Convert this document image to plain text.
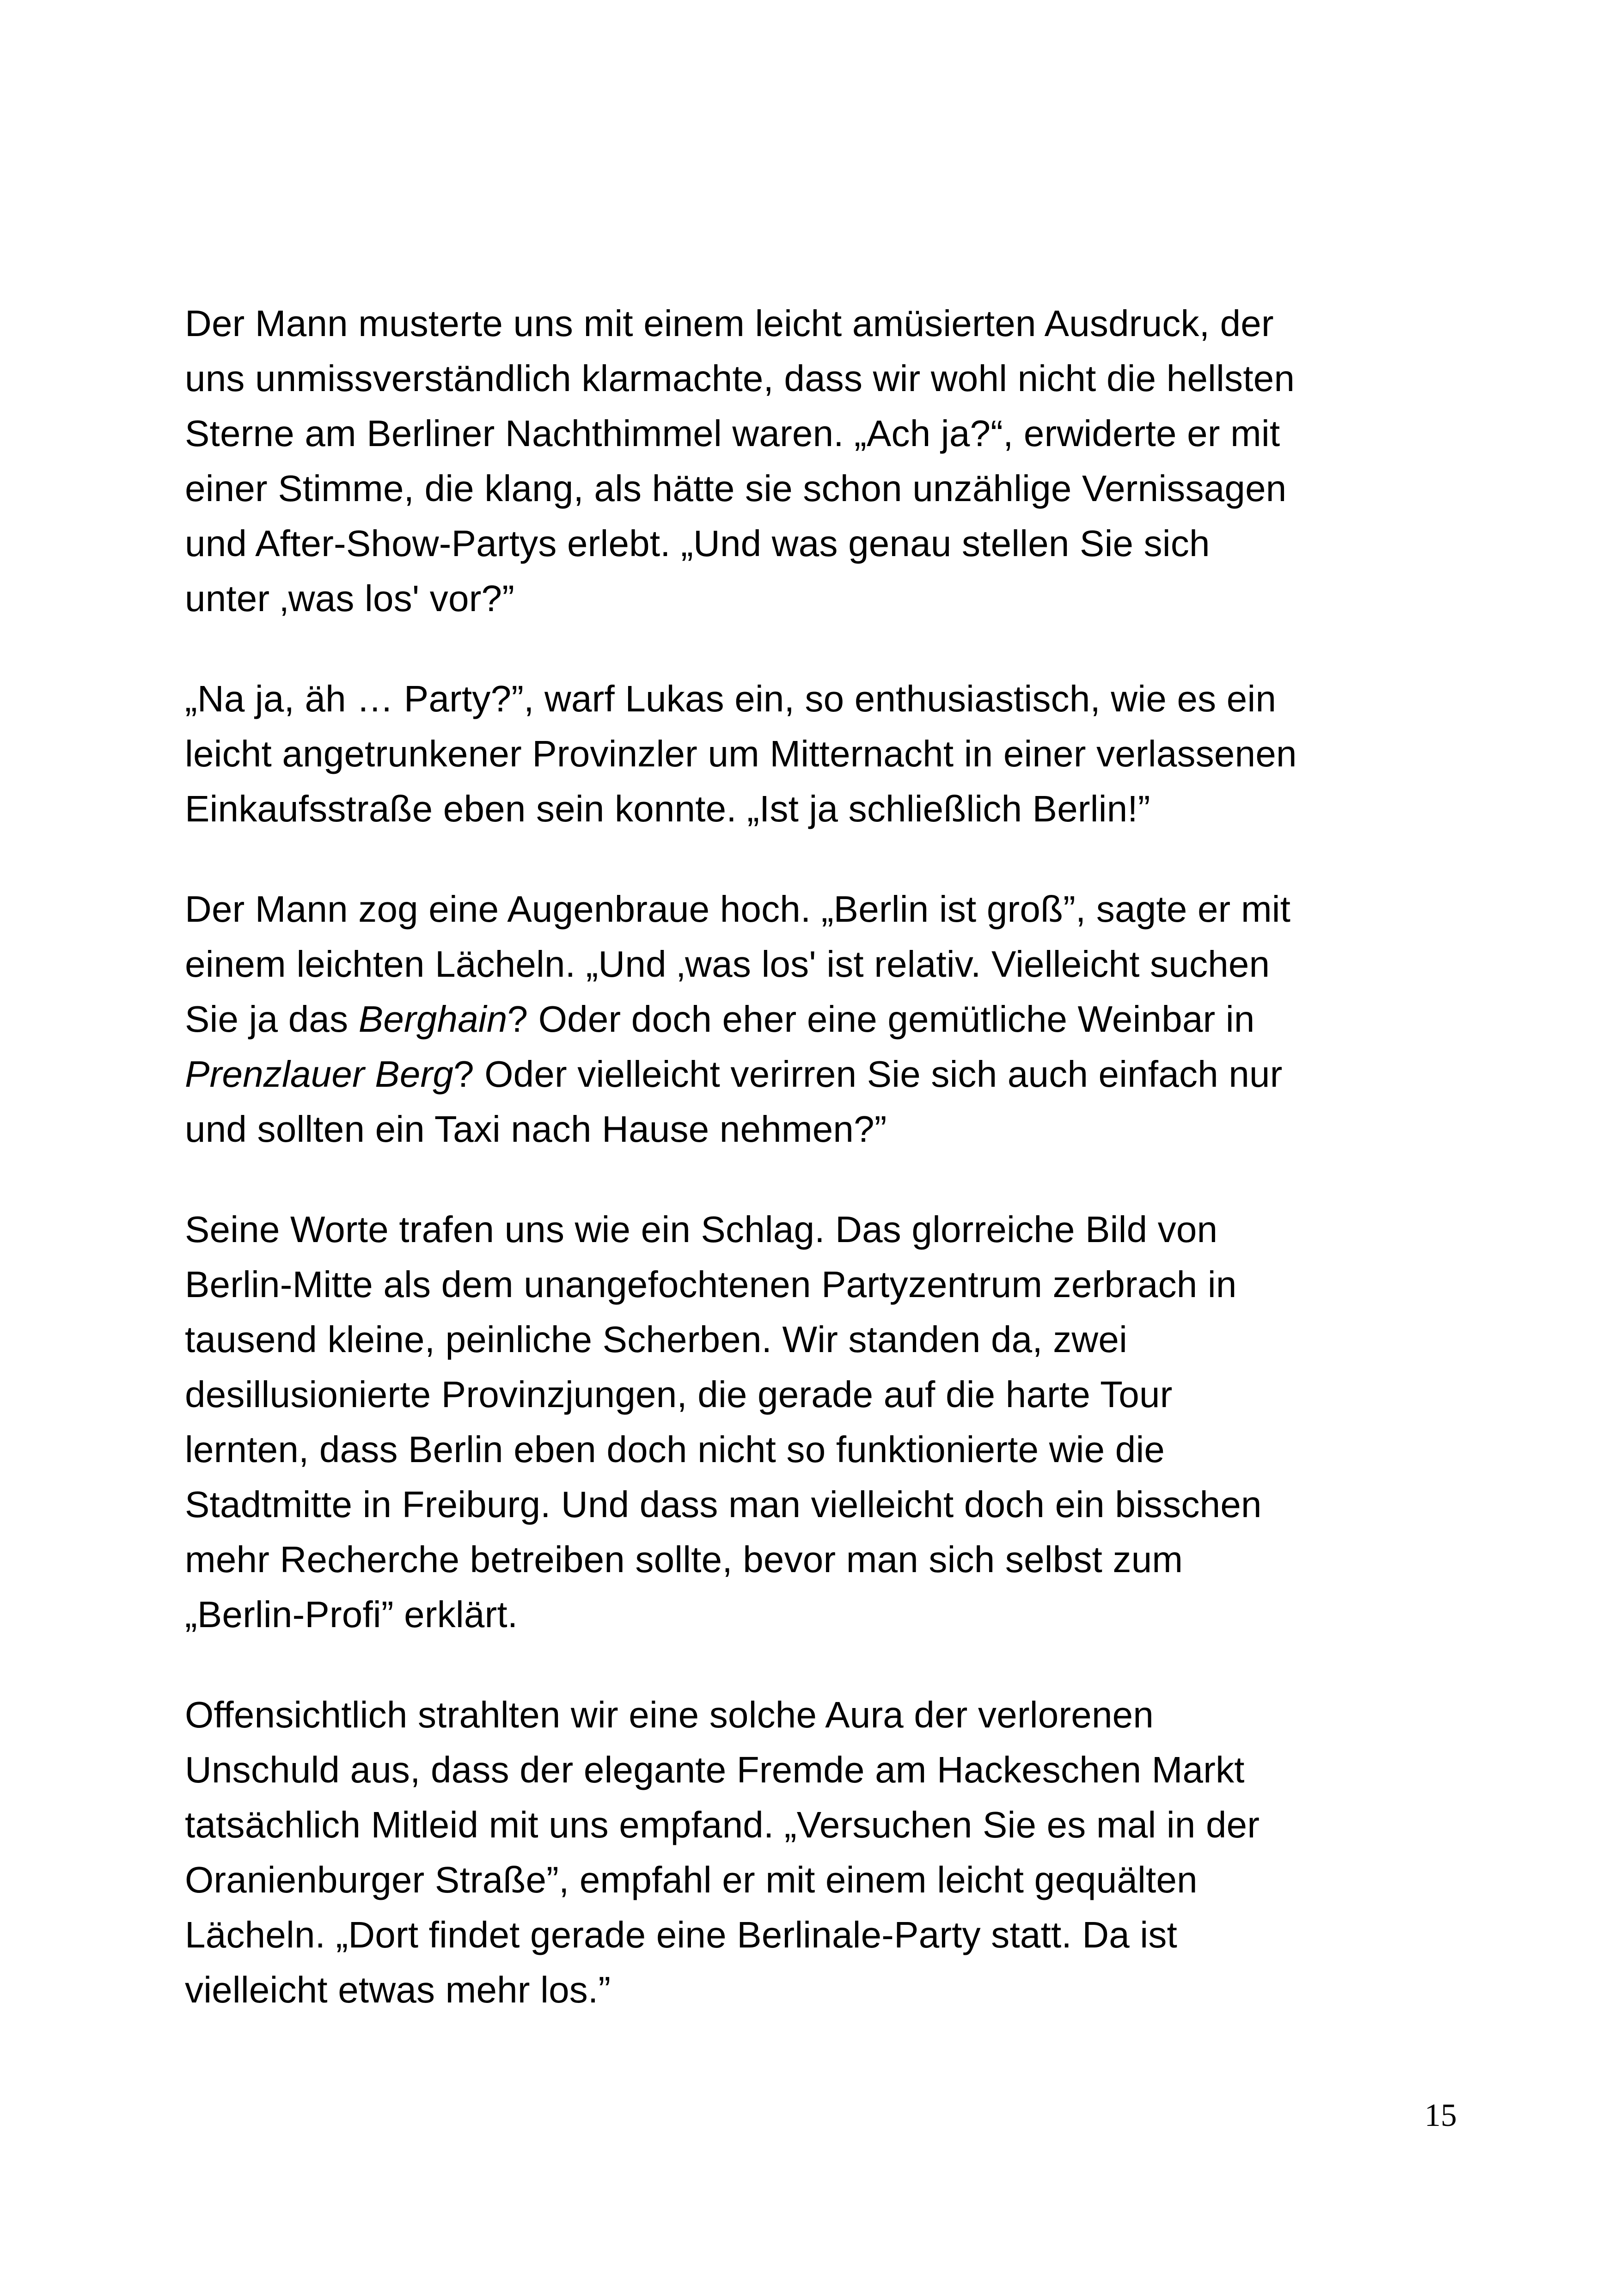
Der Mann musterte uns mit einem leicht amüsierten Ausdruck, der
uns unmissverständlich klarmachte, dass wir wohl nicht die hellsten
Sterne am Berliner Nachthimmel waren. „Ach ja?“, erwiderte er mit
einer Stimme, die klang, als hätte sie schon unzählige Vernissagen
und After-Show-Partys erlebt. „Und was genau stellen Sie sich
unter ‚was los' vor?”

„Na ja, äh … Party?”, warf Lukas ein, so enthusiastisch, wie es ein
leicht angetrunkener Provinzler um Mitternacht in einer verlassenen
Einkaufsstraße eben sein konnte. „Ist ja schließlich Berlin!”

Der Mann zog eine Augenbraue hoch. „Berlin ist groß”, sagte er mit
einem leichten Lächeln. „Und ‚was los' ist relativ. Vielleicht suchen
Sie ja das Berghain? Oder doch eher eine gemütliche Weinbar in
Prenzlauer Berg? Oder vielleicht verirren Sie sich auch einfach nur
und sollten ein Taxi nach Hause nehmen?”

Seine Worte trafen uns wie ein Schlag. Das glorreiche Bild von
Berlin-Mitte als dem unangefochtenen Partyzentrum zerbrach in
tausend kleine, peinliche Scherben. Wir standen da, zwei
desillusionierte Provinzjungen, die gerade auf die harte Tour
lernten, dass Berlin eben doch nicht so funktionierte wie die
Stadtmitte in Freiburg. Und dass man vielleicht doch ein bisschen
mehr Recherche betreiben sollte, bevor man sich selbst zum
„Berlin-Profi” erklärt.

Offensichtlich strahlten wir eine solche Aura der verlorenen
Unschuld aus, dass der elegante Fremde am Hackeschen Markt
tatsächlich Mitleid mit uns empfand. „Versuchen Sie es mal in der
Oranienburger Straße”, empfahl er mit einem leicht gequälten
Lächeln. „Dort findet gerade eine Berlinale-Party statt. Da ist
vielleicht etwas mehr los.”

15
